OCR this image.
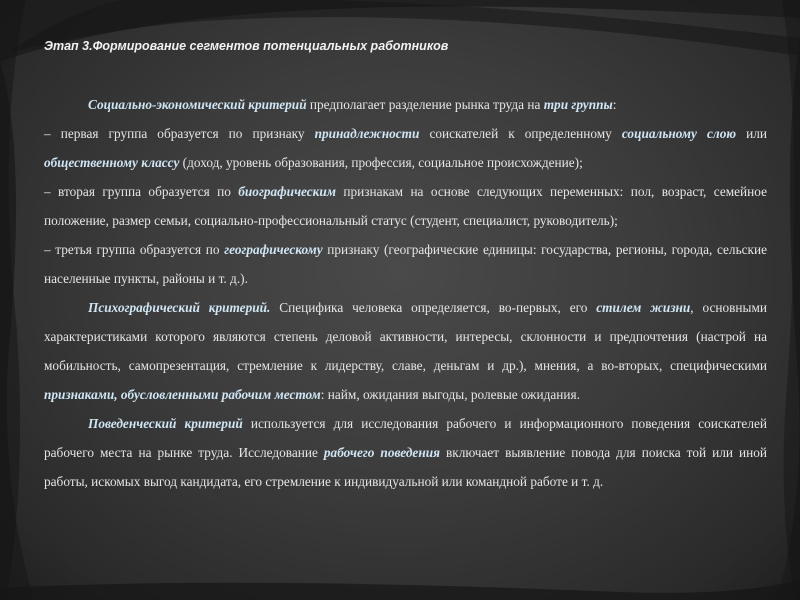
Этап 3.Формирование сегментов потенциальных работников

Социально-экономический критерий предполагает разделение рынка труда на три группы:

– первая группа образуется по признаку принадлежности соискателей к определенному социальному слою или общественному классу (доход, уровень образования, профессия, социальное происхождение);

– вторая группа образуется по биографическим признакам на основе следующих переменных: пол, возраст, семейное положение, размер семьи, социально-профессиональный статус (студент, специалист, руководитель);

– третья группа образуется по географическому признаку (географические единицы: государства, регионы, города, сельские населенные пункты, районы и т. д.).

Психографический критерий. Специфика человека определяется, во-первых, его стилем жизни, основными характеристиками которого являются степень деловой активности, интересы, склонности и предпочтения (настрой на мобильность, самопрезентация, стремление к лидерству, славе, деньгам и др.), мнения, а во-вторых, специфическими признаками, обусловленными рабочим местом: найм, ожидания выгоды, ролевые ожидания.

Поведенческий критерий используется для исследования рабочего и информационного поведения соискателей рабочего места на рынке труда. Исследование рабочего поведения включает выявление повода для поиска той или иной работы, искомых выгод кандидата, его стремление к индивидуальной или командной работе и т. д.
